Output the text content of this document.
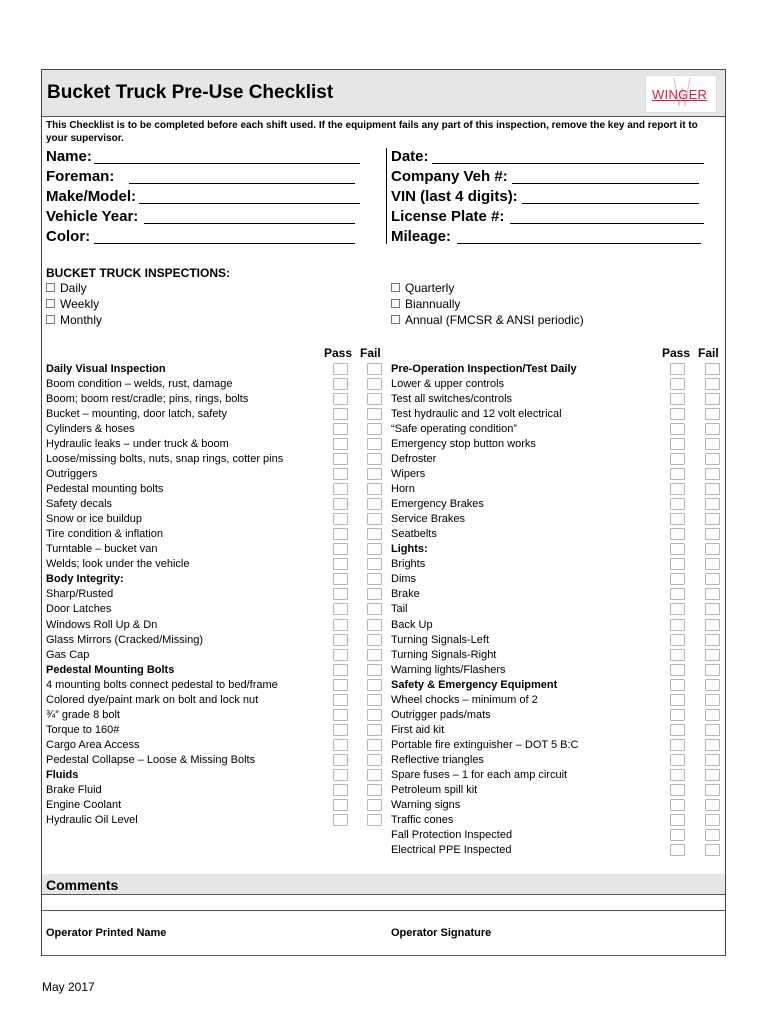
Bucket Truck Pre-Use Checklist	WINGER
This Checklist is to be completed before each shift used. If the equipment fails any part of this inspection, remove the key and report it to your supervisor.
Name:
Foreman:
Make/Model:
Vehicle Year:
Color:
Date:
Company Veh #:
VIN (last 4 digits):
License Plate #:
Mileage:
BUCKET TRUCK INSPECTIONS:
Daily
Weekly
Monthly
Quarterly
Biannually
Annual (FMCSR & ANSI periodic)
Pass Fail	Pass Fail
Daily Visual Inspection
Boom condition – welds, rust, damage
Boom; boom rest/cradle; pins, rings, bolts
Bucket – mounting, door latch, safety
Cylinders & hoses
Hydraulic leaks – under truck & boom
Loose/missing bolts, nuts, snap rings, cotter pins
Outriggers
Pedestal mounting bolts
Safety decals
Snow or ice buildup
Tire condition & inflation
Turntable – bucket van
Welds; look under the vehicle
Body Integrity:
Sharp/Rusted
Door Latches
Windows Roll Up & Dn
Glass Mirrors (Cracked/Missing)
Gas Cap
Pedestal Mounting Bolts
4 mounting bolts connect pedestal to bed/frame
Colored dye/paint mark on bolt and lock nut
¾” grade 8 bolt
Torque to 160#
Cargo Area Access
Pedestal Collapse – Loose & Missing Bolts
Fluids
Brake Fluid
Engine Coolant
Hydraulic Oil Level
Pre-Operation Inspection/Test Daily
Lower & upper controls
Test all switches/controls
Test hydraulic and 12 volt electrical
“Safe operating condition”
Emergency stop button works
Defroster
Wipers
Horn
Emergency Brakes
Service Brakes
Seatbelts
Lights:
Brights
Dims
Brake
Tail
Back Up
Turning Signals-Left
Turning Signals-Right
Warning lights/Flashers
Safety & Emergency Equipment
Wheel chocks – minimum of 2
Outrigger pads/mats
First aid kit
Portable fire extinguisher – DOT 5 B:C
Reflective triangles
Spare fuses – 1 for each amp circuit
Petroleum spill kit
Warning signs
Traffic cones
Fall Protection Inspected
Electrical PPE Inspected
Comments
Operator Printed Name	Operator Signature
May 2017
